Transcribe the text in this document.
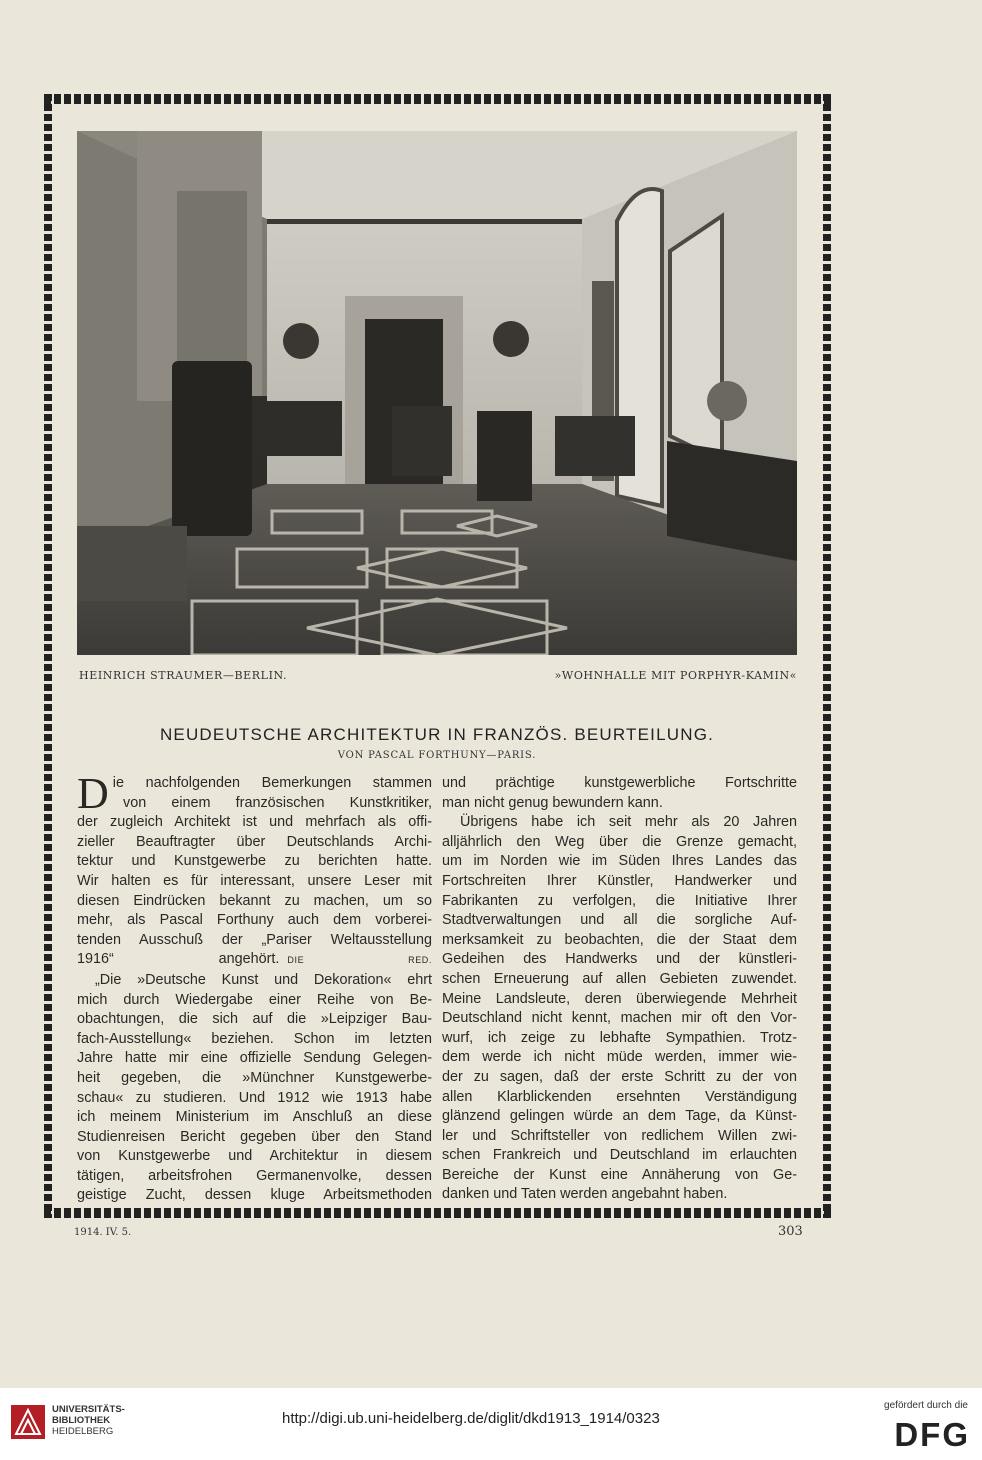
HEINRICH STRAUMER—BERLIN.	»WOHNHALLE MIT PORPHYR-KAMIN«
NEUDEUTSCHE ARCHITEKTUR IN FRANZÖS. BEURTEILUNG.
VON PASCAL FORTHUNY—PARIS.
D ie nachfolgenden Bemerkungen stammen

von einem französischen Kunstkritiker,

der zugleich Architekt ist und mehrfach als offi-

zieller Beauftragter über Deutschlands Archi-

tektur und Kunstgewerbe zu berichten hatte.

Wir halten es für interessant, unsere Leser mit

diesen Eindrücken bekannt zu machen, um so

mehr, als Pascal Forthuny auch dem vorberei-

tenden Ausschuß der „Pariser Weltausstellung

1916“ angehört. DIE RED.

„Die »Deutsche Kunst und Dekoration« ehrt

mich durch Wiedergabe einer Reihe von Be-

obachtungen, die sich auf die »Leipziger Bau-

fach-Ausstellung« beziehen. Schon im letzten

Jahre hatte mir eine offizielle Sendung Gelegen-

heit gegeben, die »Münchner Kunstgewerbe-

schau« zu studieren. Und 1912 wie 1913 habe

ich meinem Ministerium im Anschluß an diese

Studienreisen Bericht gegeben über den Stand

von Kunstgewerbe und Architektur in diesem

tätigen, arbeitsfrohen Germanenvolke, dessen

geistige Zucht, dessen kluge Arbeitsmethoden

und prächtige kunstgewerbliche Fortschritte

man nicht genug bewundern kann.

Übrigens habe ich seit mehr als 20 Jahren

alljährlich den Weg über die Grenze gemacht,

um im Norden wie im Süden Ihres Landes das

Fortschreiten Ihrer Künstler, Handwerker und

Fabrikanten zu verfolgen, die Initiative Ihrer

Stadtverwaltungen und all die sorgliche Auf-

merksamkeit zu beobachten, die der Staat dem

Gedeihen des Handwerks und der künstleri-

schen Erneuerung auf allen Gebieten zuwendet.

Meine Landsleute, deren überwiegende Mehrheit

Deutschland nicht kennt, machen mir oft den Vor-

wurf, ich zeige zu lebhafte Sympathien. Trotz-

dem werde ich nicht müde werden, immer wie-

der zu sagen, daß der erste Schritt zu der von

allen Klarblickenden ersehnten Verständigung

glänzend gelingen würde an dem Tage, da Künst-

ler und Schriftsteller von redlichem Willen zwi-

schen Frankreich und Deutschland im erlauchten

Bereiche der Kunst eine Annäherung von Ge-

danken und Taten werden angebahnt haben.

1914. IV. 5.	303
UNIVERSITÄTS-
BIBLIOTHEK
HEIDELBERG
http://digi.ub.uni-heidelberg.de/diglit/dkd1913_1914/0323
gefördert durch die
DFG
